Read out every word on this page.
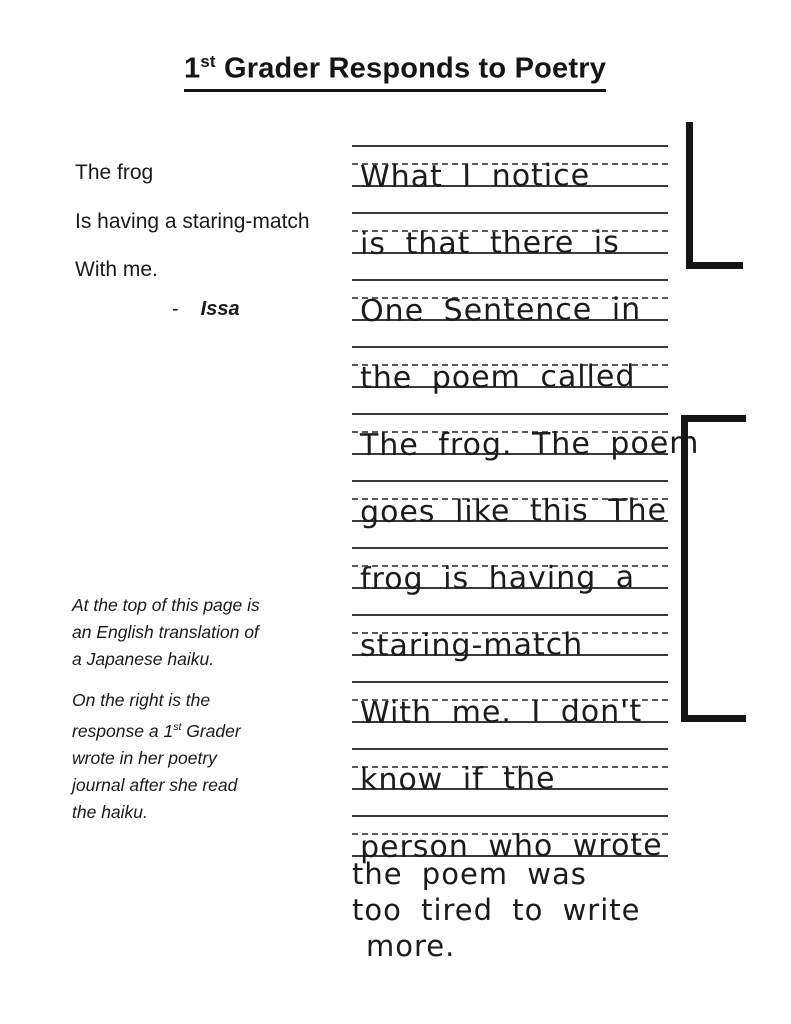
1st Grader Responds to Poetry
The frog
Is having a staring-match
With me.
- Issa
At the top of this page is
an English translation of
a Japanese haiku.
On the right is the
response a 1st Grader
wrote in her poetry
journal after she read
the haiku.
What I notice
is that there is
One Sentence in
the poem called
The frog. The poem
goes like this The
frog is having a
staring-match
With me. I don't
know if the
person who wrote
the poem was
too tired to write
more.
